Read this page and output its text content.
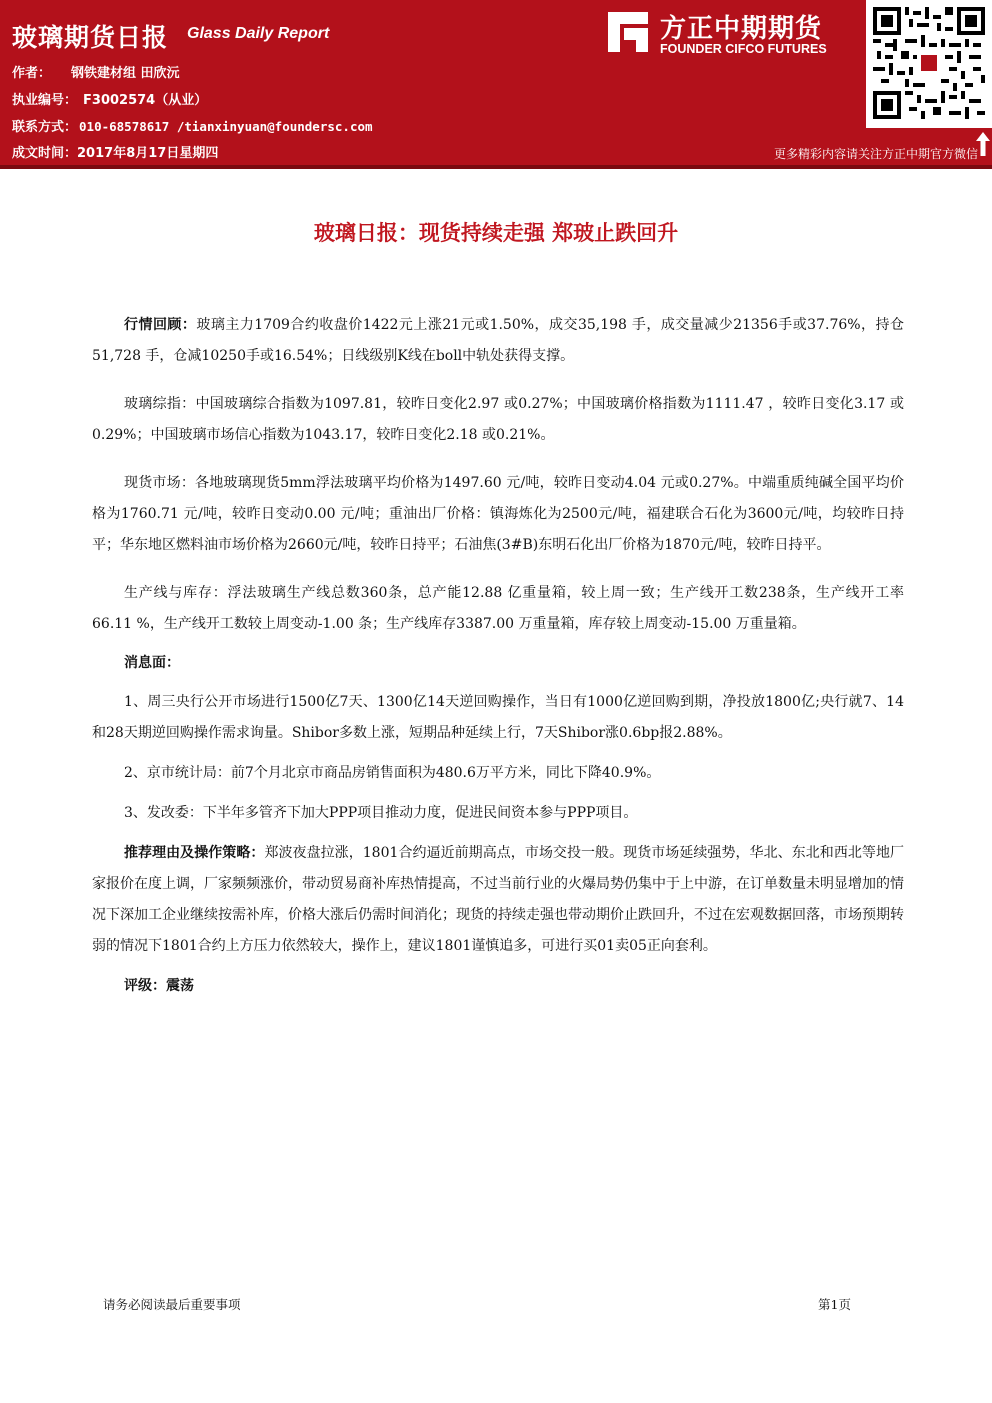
玻璃期货日报 Glass Daily Report
作者： 钢铁建材组 田欣沅
执业编号： F3002574（从业）
联系方式： 010-68578617 /tianxinyuan@foundersc.com
成文时间：2017年8月17日星期四
方正中期期货
FOUNDER CIFCO FUTURES
更多精彩内容请关注方正中期官方微信
玻璃日报：现货持续走强 郑玻止跌回升

行情回顾：玻璃主力1709合约收盘价1422元上涨21元或1.50%，成交35,198 手，成交量减少21356手或37.76%，持仓51,728 手，仓减10250手或16.54%；日线级别K线在boll中轨处获得支撑。

玻璃综指：中国玻璃综合指数为1097.81，较昨日变化2.97 或0.27%；中国玻璃价格指数为1111.47 ，较昨日变化3.17 或0.29%；中国玻璃市场信心指数为1043.17，较昨日变化2.18 或0.21%。

现货市场：各地玻璃现货5mm浮法玻璃平均价格为1497.60 元/吨，较昨日变动4.04 元或0.27%。中端重质纯碱全国平均价格为1760.71 元/吨，较昨日变动0.00 元/吨；重油出厂价格：镇海炼化为2500元/吨，福建联合石化为3600元/吨，均较昨日持平；华东地区燃料油市场价格为2660元/吨，较昨日持平；石油焦(3#B)东明石化出厂价格为1870元/吨，较昨日持平。

生产线与库存：浮法玻璃生产线总数360条，总产能12.88 亿重量箱，较上周一致；生产线开工数238条，生产线开工率66.11 %，生产线开工数较上周变动-1.00 条；生产线库存3387.00 万重量箱，库存较上周变动-15.00 万重量箱。

消息面：

1、周三央行公开市场进行1500亿7天、1300亿14天逆回购操作，当日有1000亿逆回购到期，净投放1800亿;央行就7、14和28天期逆回购操作需求询量。Shibor多数上涨，短期品种延续上行，7天Shibor涨0.6bp报2.88%。

2、京市统计局：前7个月北京市商品房销售面积为480.6万平方米，同比下降40.9%。

3、发改委：下半年多管齐下加大PPP项目推动力度，促进民间资本参与PPP项目。

推荐理由及操作策略：郑波夜盘拉涨，1801合约逼近前期高点，市场交投一般。现货市场延续强势，华北、东北和西北等地厂家报价在度上调，厂家频频涨价，带动贸易商补库热情提高，不过当前行业的火爆局势仍集中于上中游，在订单数量未明显增加的情况下深加工企业继续按需补库，价格大涨后仍需时间消化；现货的持续走强也带动期价止跌回升，不过在宏观数据回落，市场预期转弱的情况下1801合约上方压力依然较大，操作上，建议1801谨慎追多，可进行买01卖05正向套利。

评级：震荡

请务必阅读最后重要事项	第1页
